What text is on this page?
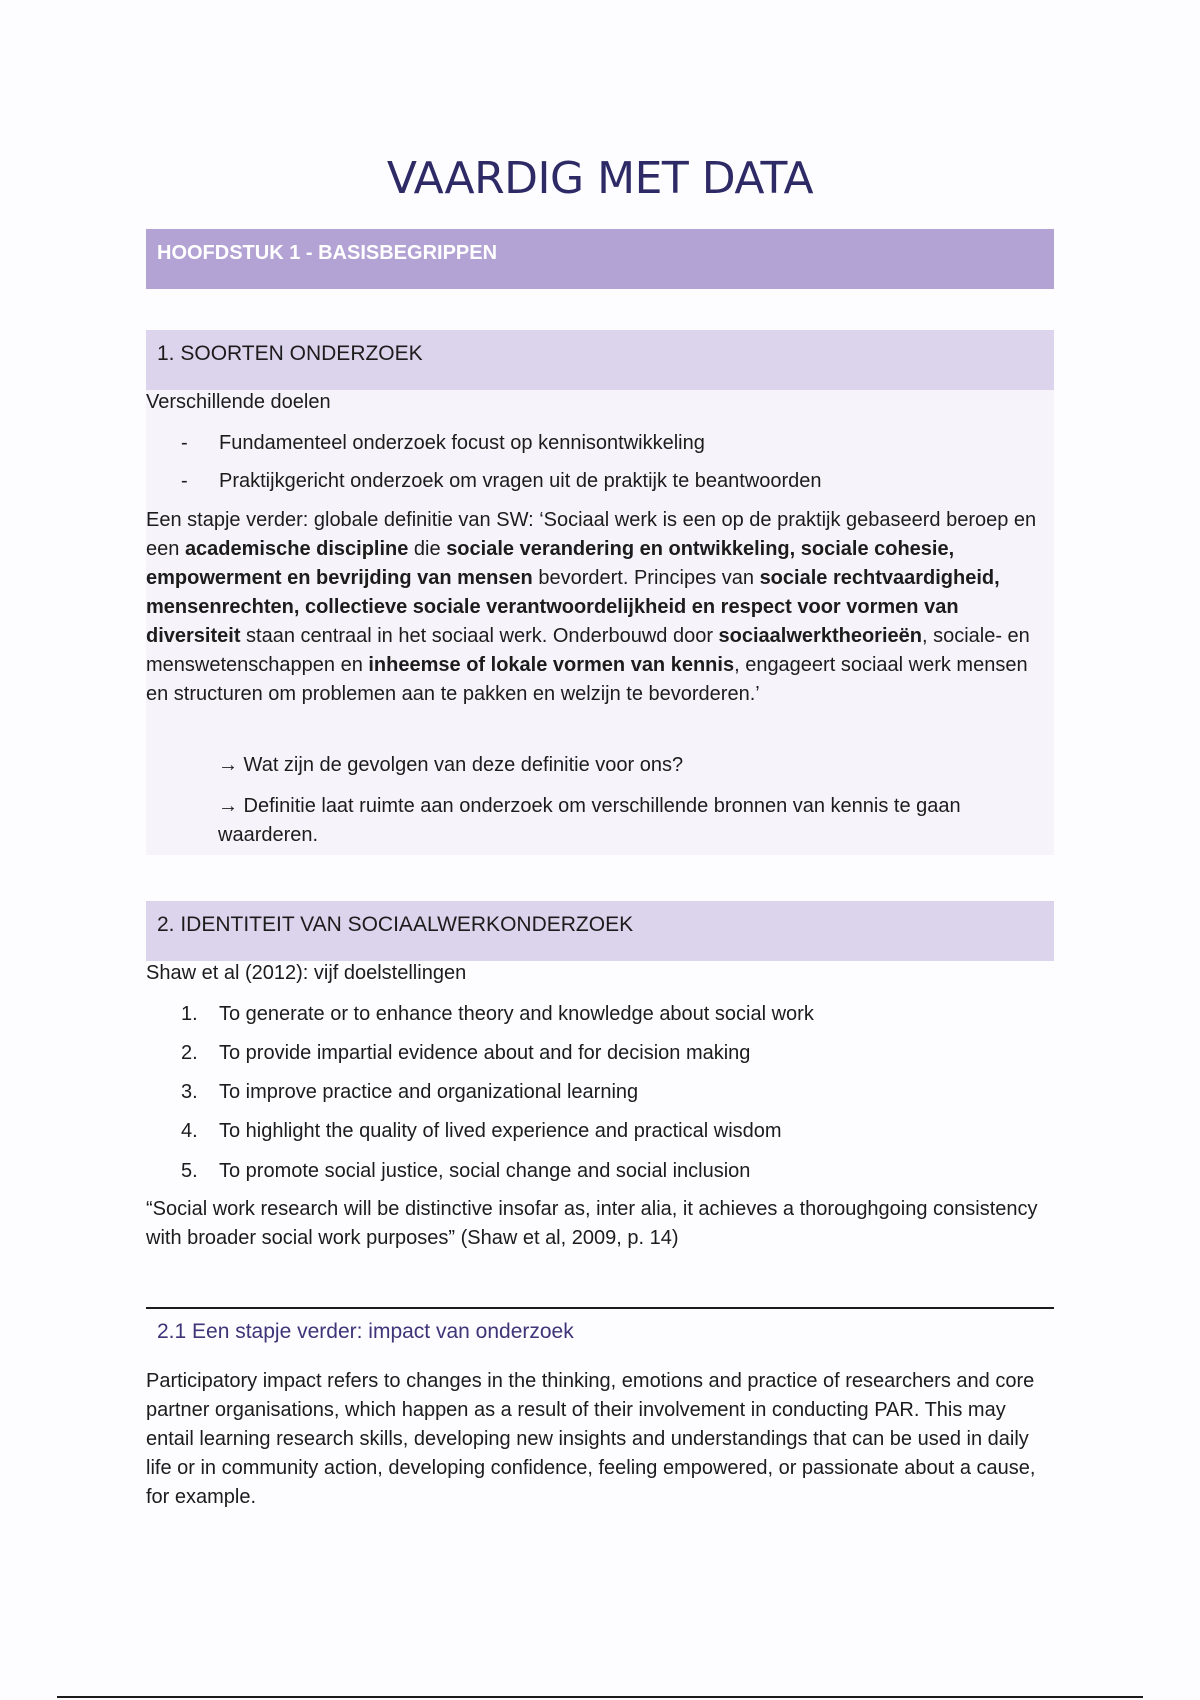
VAARDIG MET DATA
HOOFDSTUK 1 - BASISBEGRIPPEN
1. SOORTEN ONDERZOEK
Verschillende doelen
- Fundamenteel onderzoek focust op kennisontwikkeling
- Praktijkgericht onderzoek om vragen uit de praktijk te beantwoorden
Een stapje verder: globale definitie van SW: ‘Sociaal werk is een op de praktijk gebaseerd beroep en een academische discipline die sociale verandering en ontwikkeling, sociale cohesie, empowerment en bevrijding van mensen bevordert. Principes van sociale rechtvaardigheid, mensenrechten, collectieve sociale verantwoordelijkheid en respect voor vormen van diversiteit staan centraal in het sociaal werk. Onderbouwd door sociaalwerktheorieën, sociale- en menswetenschappen en inheemse of lokale vormen van kennis, engageert sociaal werk mensen en structuren om problemen aan te pakken en welzijn te bevorderen.’
→ Wat zijn de gevolgen van deze definitie voor ons?
→ Definitie laat ruimte aan onderzoek om verschillende bronnen van kennis te gaan waarderen.
2. IDENTITEIT VAN SOCIAALWERKONDERZOEK
Shaw et al (2012): vijf doelstellingen
1. To generate or to enhance theory and knowledge about social work
2. To provide impartial evidence about and for decision making
3. To improve practice and organizational learning
4. To highlight the quality of lived experience and practical wisdom
5. To promote social justice, social change and social inclusion
“Social work research will be distinctive insofar as, inter alia, it achieves a thoroughgoing consistency with broader social work purposes” (Shaw et al, 2009, p. 14)
2.1 Een stapje verder: impact van onderzoek
Participatory impact refers to changes in the thinking, emotions and practice of researchers and core partner organisations, which happen as a result of their involvement in conducting PAR. This may entail learning research skills, developing new insights and understandings that can be used in daily life or in community action, developing confidence, feeling empowered, or passionate about a cause, for example.
